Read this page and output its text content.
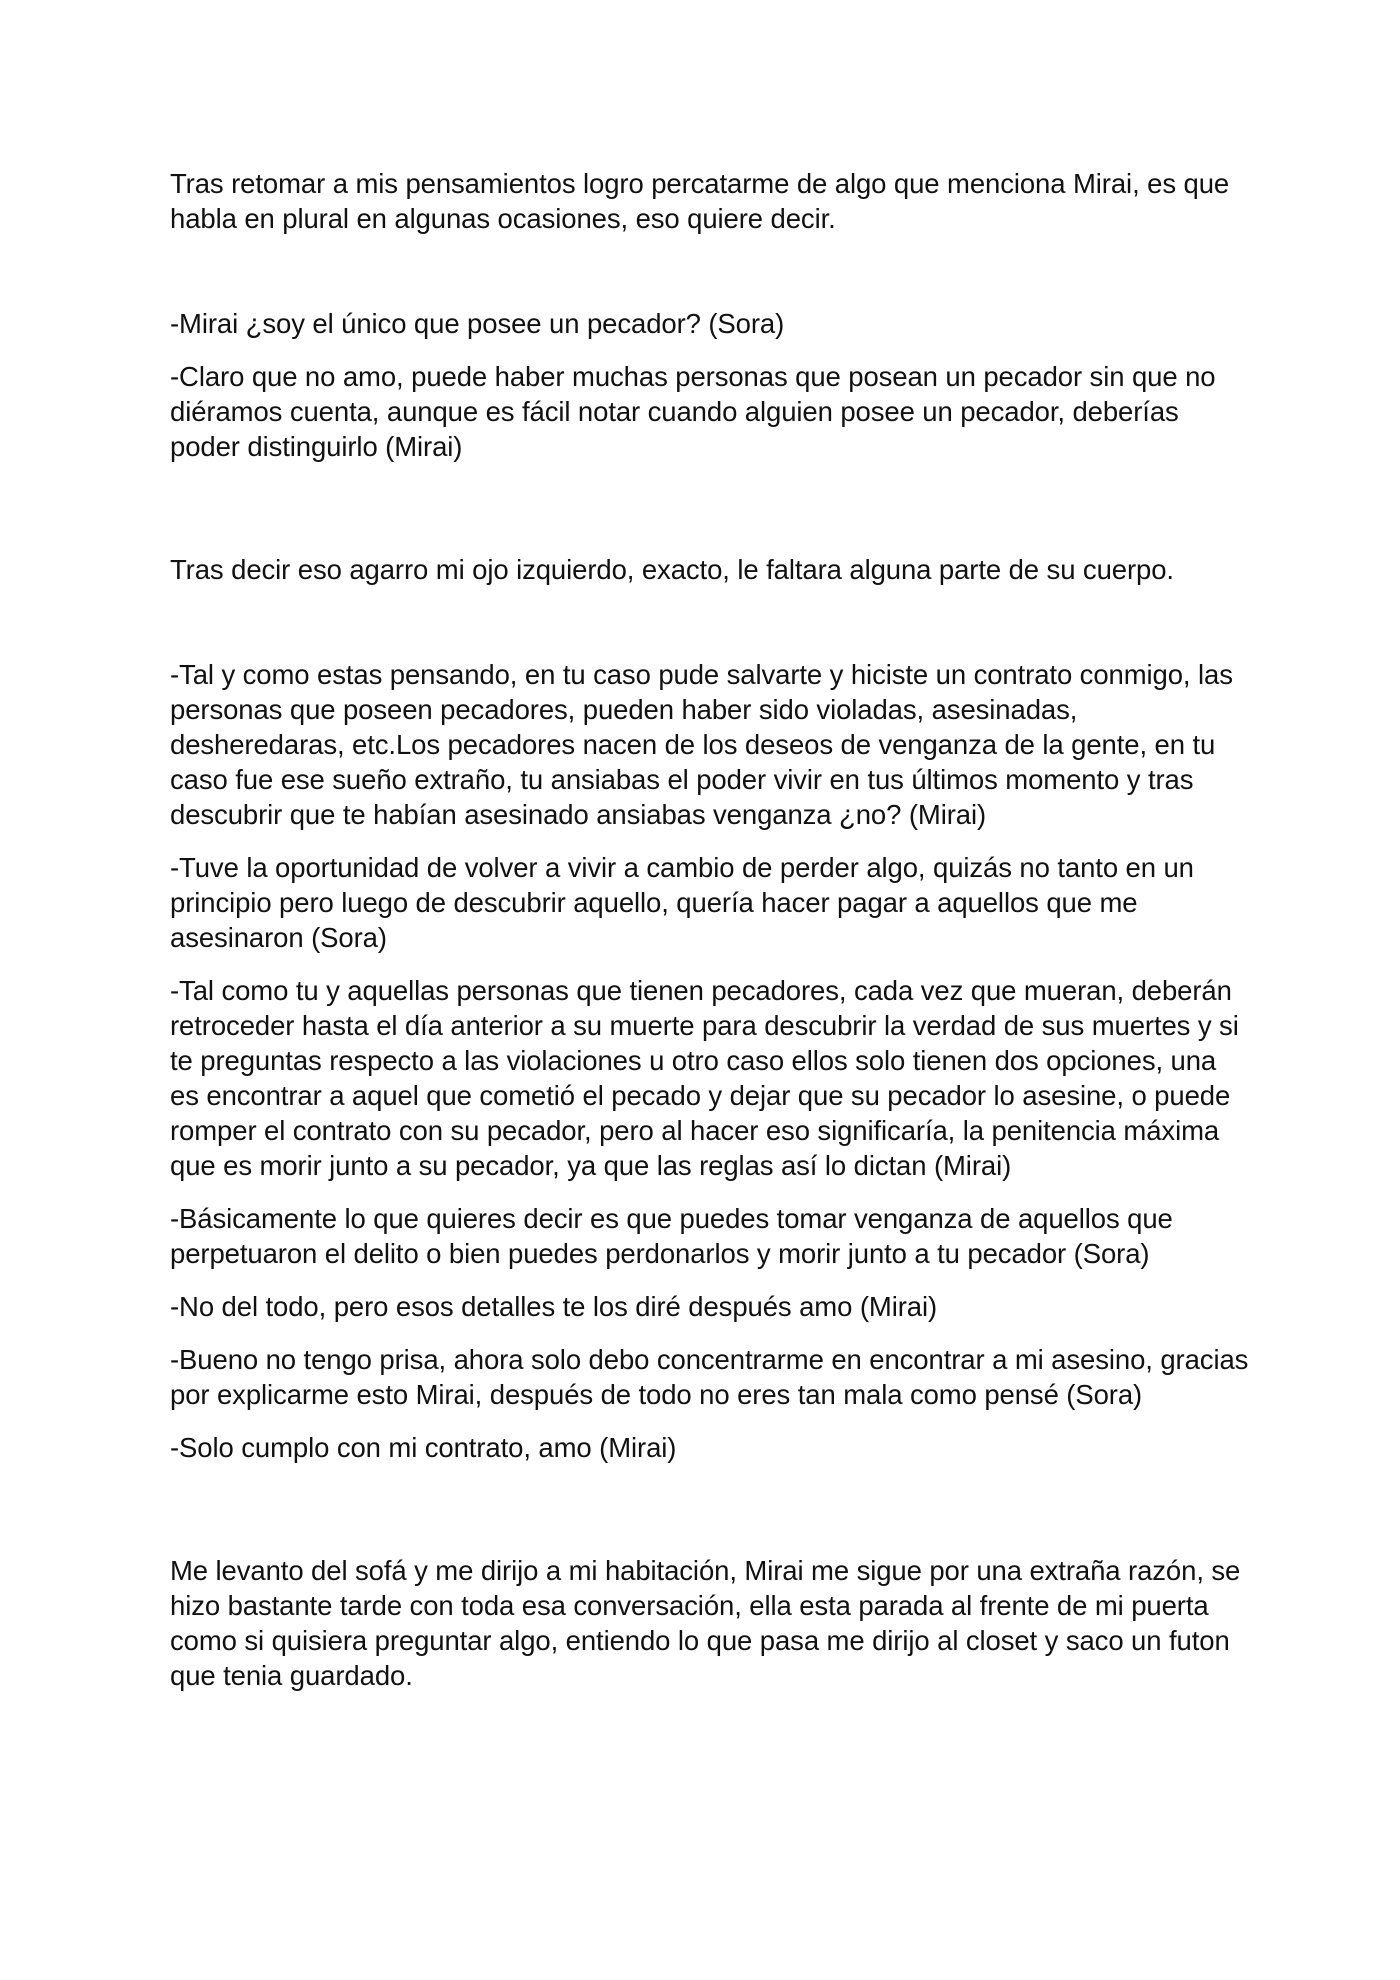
Tras retomar a mis pensamientos logro percatarme de algo que menciona Mirai, es que habla en plural en algunas ocasiones, eso quiere decir.

-Mirai ¿soy el único que posee un pecador? (Sora)

-Claro que no amo, puede haber muchas personas que posean un pecador sin que no diéramos cuenta, aunque es fácil notar cuando alguien posee un pecador, deberías poder distinguirlo (Mirai)

Tras decir eso agarro mi ojo izquierdo, exacto, le faltara alguna parte de su cuerpo.

-Tal y como estas pensando, en tu caso pude salvarte y hiciste un contrato conmigo, las personas que poseen pecadores, pueden haber sido violadas, asesinadas, desheredaras, etc.Los pecadores nacen de los deseos de venganza de la gente, en tu caso fue ese sueño extraño, tu ansiabas el poder vivir en tus últimos momento y tras descubrir que te habían asesinado ansiabas venganza ¿no? (Mirai)

-Tuve la oportunidad de volver a vivir a cambio de perder algo, quizás no tanto en un principio pero luego de descubrir aquello, quería hacer pagar a aquellos que me asesinaron (Sora)

-Tal como tu y aquellas personas que tienen pecadores, cada vez que mueran, deberán retroceder hasta el día anterior a su muerte para descubrir la verdad de sus muertes y si te preguntas respecto a las violaciones u otro caso ellos solo tienen dos opciones, una es encontrar a aquel que cometió el pecado y dejar que su pecador lo asesine, o puede romper el contrato con su pecador, pero al hacer eso significaría, la penitencia máxima que es morir junto a su pecador, ya que las reglas así lo dictan (Mirai)

-Básicamente lo que quieres decir es que puedes tomar venganza de aquellos que perpetuaron el delito o bien puedes perdonarlos y morir junto a tu pecador (Sora)

-No del todo, pero esos detalles te los diré después amo (Mirai)

-Bueno no tengo prisa, ahora solo debo concentrarme en encontrar a mi asesino, gracias por explicarme esto Mirai, después de todo no eres tan mala como pensé (Sora)

-Solo cumplo con mi contrato, amo (Mirai)

Me levanto del sofá y me dirijo a mi habitación, Mirai me sigue por una extraña razón, se hizo bastante tarde con toda esa conversación, ella esta parada al frente de mi puerta como si quisiera preguntar algo, entiendo lo que pasa me dirijo al closet y saco un futon que tenia guardado.
